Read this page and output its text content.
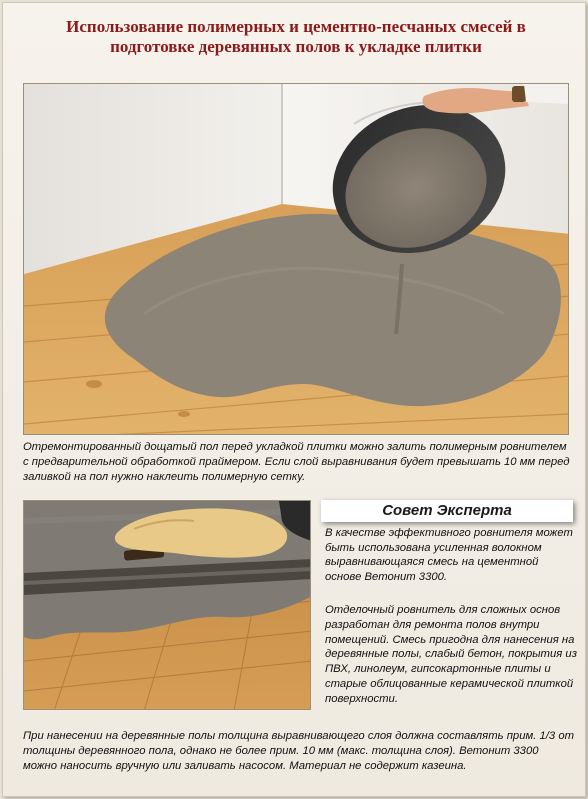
Использование полимерных и цементно-песчаных смесей в подготовке деревянных полов к укладке плитки
Отремонтированный дощатый пол перед укладкой плитки можно залить полимерным ровнителем с предварительной обработкой праймером. Если слой выравнивания будет превышать 10 мм перед заливкой на пол нужно наклеить полимерную сетку.
Совет Эксперта
В качестве эффективного ровнителя может быть использована усиленная волокном выравнивающаяся смесь на цементной основе Ветонит 3300.
Отделочный ровнитель для сложных основ разработан для ремонта полов внутри помещений. Смесь пригодна для нанесения на деревянные полы, слабый бетон, покрытия из ПВХ, линолеум, гипсокартонные плиты и старые облицованные керамической плиткой поверхности.
При нанесении на деревянные полы толщина выравнивающего слоя должна составлять прим. 1/3 от толщины деревянного пола, однако не более прим. 10 мм (макс. толщина слоя). Ветонит 3300 можно наносить вручную или заливать насосом. Материал не содержит казеина.
